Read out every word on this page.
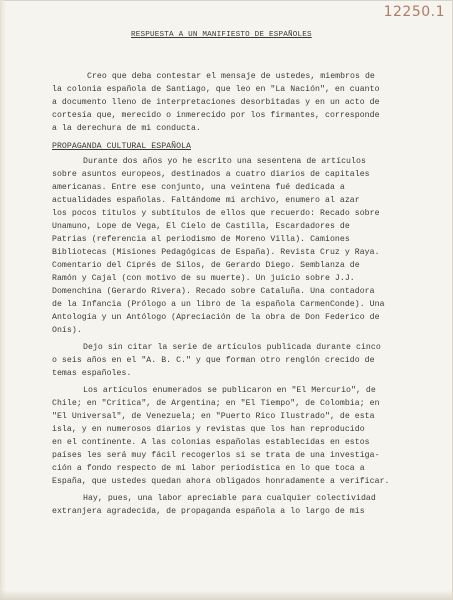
12250.1
RESPUESTA A UN MANIFIESTO DE ESPAÑOLES
Creo que deba contestar el mensaje de ustedes, miembros de
la colonia española de Santiago, que leo en "La Nación", en cuanto
a documento lleno de interpretaciones desorbitadas y en un acto de
cortesía que, merecido o inmerecido por los firmantes, corresponde
a la derechura de mi conducta.
PROPAGANDA CULTURAL ESPAÑOLA
Durante dos años yo he escrito una sesentena de artículos
sobre asuntos europeos, destinados a cuatro diarios de capitales
americanas. Entre ese conjunto, una veintena fué dedicada a
actualidades españolas. Faltándome mi archivo, enumero al azar
los pocos títulos y subtítulos de ellos que recuerdo: Recado sobre
Unamuno, Lope de Vega, El Cielo de Castilla, Escardadores de
Patrias (referencia al periodismo de Moreno Villa). Camiones
Bibliotecas (Misiones Pedagógicas de España). Revista Cruz y Raya.
Comentario del Ciprés de Silos, de Gerardo Diego. Semblanza de
Ramón y Cajal (con motivo de su muerte). Un juicio sobre J.J.
Domenchina (Gerardo Rivera). Recado sobre Cataluña. Una contadora
de la Infancia (Prólogo a un libro de la española CarmenConde). Una
Antología y un Antólogo (Apreciación de la obra de Don Federico de
Onís).
Dejo sin citar la serie de artículos publicada durante cinco
o seis años en el "A. B. C." y que forman otro renglón crecido de
temas españoles.
Los artículos enumerados se publicaron en "El Mercurio", de
Chile; en "Crítica", de Argentina; en "El Tiempo", de Colombia; en
"El Universal", de Venezuela; en "Puerto Rico Ilustrado", de esta
isla, y en numerosos diarios y revistas que los han reproducido
en el continente. A las colonias españolas establecidas en estos
países les será muy fácil recogerlos si se trata de una investiga-
ción a fondo respecto de mi labor periodística en lo que toca a
España, que ustedes quedan ahora obligados honradamente a verificar.
Hay, pues, una labor apreciable para cualquier colectividad
extranjera agradecida, de propaganda española a lo largo de mis
